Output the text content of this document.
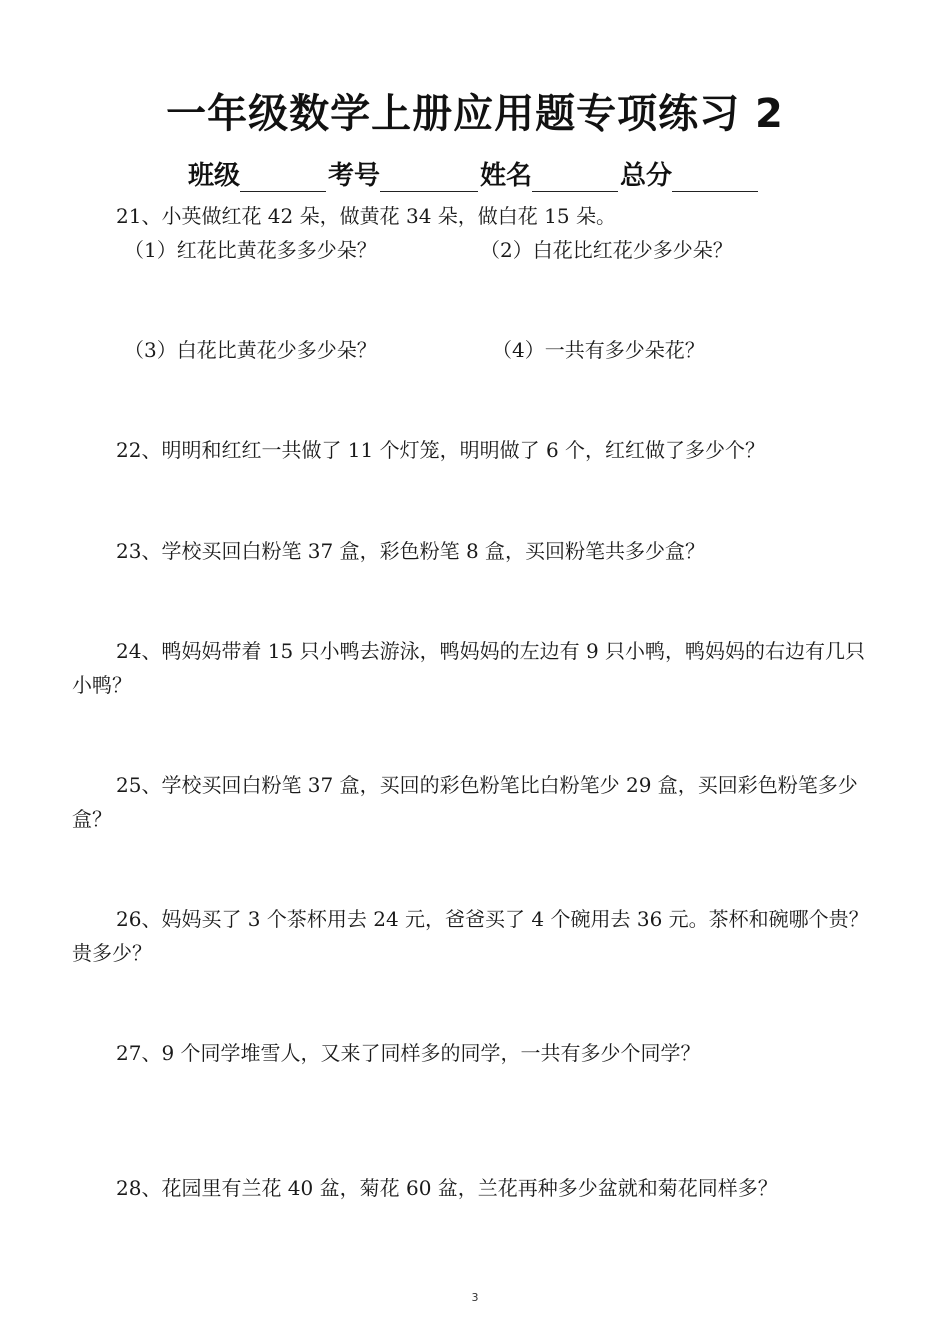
一年级数学上册应用题专项练习 2
班级	考号	姓名	总分
21、小英做红花 42 朵，做黄花 34 朵，做白花 15 朵。
（1）红花比黄花多多少朵？	（2）白花比红花少多少朵？
（3）白花比黄花少多少朵？	（4）一共有多少朵花？
22、明明和红红一共做了 11 个灯笼，明明做了 6 个，红红做了多少个？
23、学校买回白粉笔 37 盒，彩色粉笔 8 盒，买回粉笔共多少盒？
24、鸭妈妈带着 15 只小鸭去游泳，鸭妈妈的左边有 9 只小鸭，鸭妈妈的右边有几只小鸭？
25、学校买回白粉笔 37 盒，买回的彩色粉笔比白粉笔少 29 盒，买回彩色粉笔多少盒？
26、妈妈买了 3 个茶杯用去 24 元，爸爸买了 4 个碗用去 36 元。茶杯和碗哪个贵？贵多少？
27、9 个同学堆雪人，又来了同样多的同学，一共有多少个同学？
28、花园里有兰花 40 盆，菊花 60 盆，兰花再种多少盆就和菊花同样多？
3
